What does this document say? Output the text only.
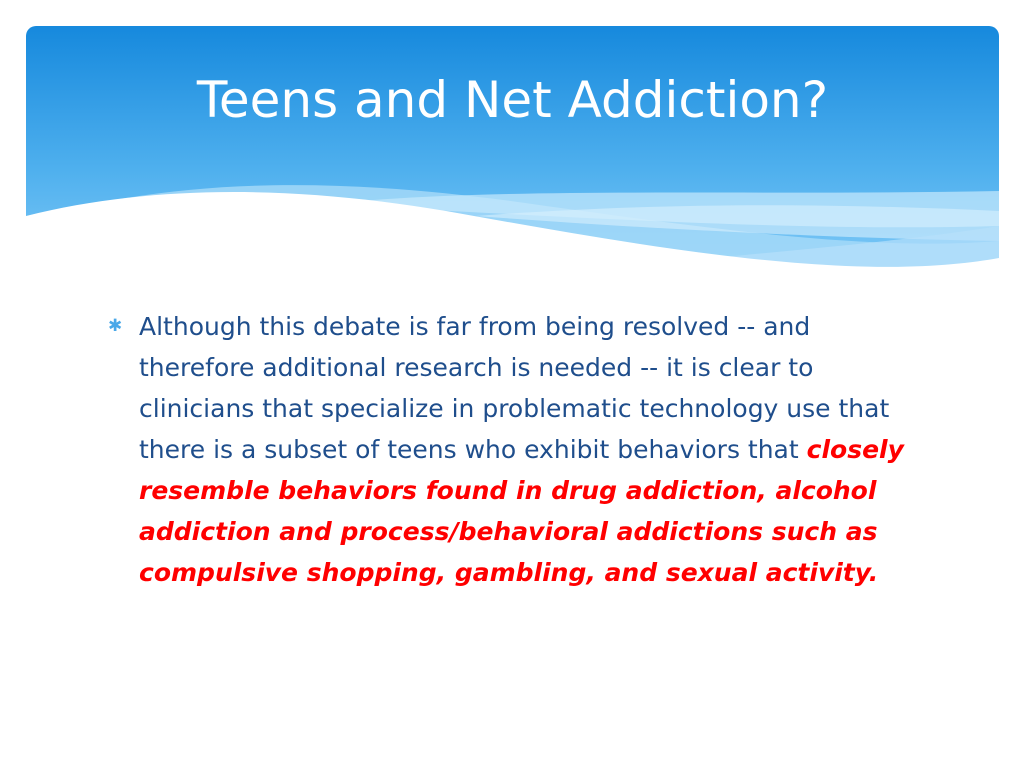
Teens and Net Addiction?

✱ Although this debate is far from being resolved -- and therefore additional research is needed -- it is clear to clinicians that specialize in problematic technology use that there is a subset of teens who exhibit behaviors that closely resemble behaviors found in drug addiction, alcohol addiction and process/behavioral addictions such as compulsive shopping, gambling, and sexual activity.
